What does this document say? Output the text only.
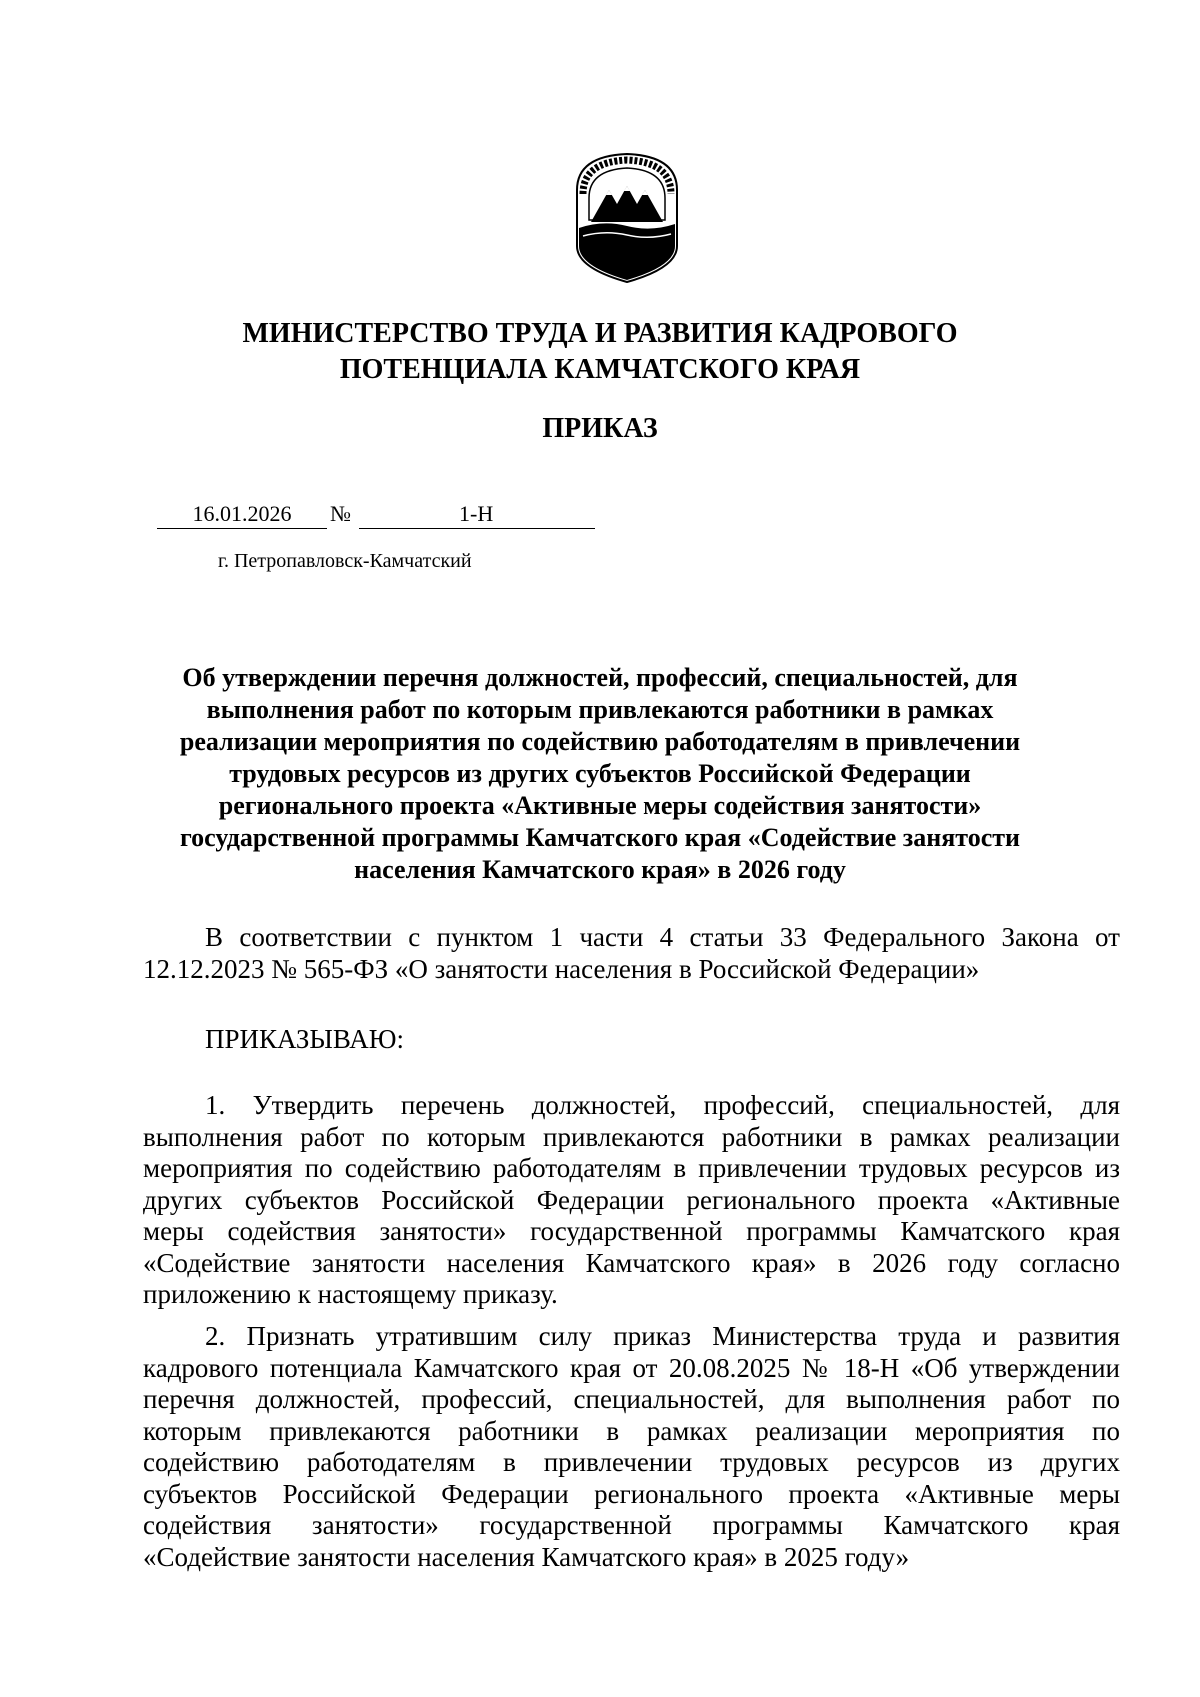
МИНИСТЕРСТВО ТРУДА И РАЗВИТИЯ КАДРОВОГО
ПОТЕНЦИАЛА КАМЧАТСКОГО КРАЯ
ПРИКАЗ
16.01.2026	№	1-Н
г. Петропавловск-Камчатский
Об утверждении перечня должностей, профессий, специальностей, для
выполнения работ по которым привлекаются работники в рамках
реализации мероприятия по содействию работодателям в привлечении
трудовых ресурсов из других субъектов Российской Федерации
регионального проекта «Активные меры содействия занятости»
государственной программы Камчатского края «Содействие занятости
населения Камчатского края» в 2026 году
В соответствии с пунктом 1 части 4 статьи 33 Федерального Закона от
12.12.2023 № 565-ФЗ «О занятости населения в Российской Федерации»
ПРИКАЗЫВАЮ:
1. Утвердить перечень должностей, профессий, специальностей, для
выполнения работ по которым привлекаются работники в рамках реализации
мероприятия по содействию работодателям в привлечении трудовых ресурсов из
других субъектов Российской Федерации регионального проекта «Активные
меры содействия занятости» государственной программы Камчатского края
«Содействие занятости населения Камчатского края» в 2026 году согласно
приложению к настоящему приказу.
2. Признать утратившим силу приказ Министерства труда и развития
кадрового потенциала Камчатского края от 20.08.2025 № 18-Н «Об утверждении
перечня должностей, профессий, специальностей, для выполнения работ по
которым привлекаются работники в рамках реализации мероприятия по
содействию работодателям в привлечении трудовых ресурсов из других
субъектов Российской Федерации регионального проекта «Активные меры
содействия занятости» государственной программы Камчатского края
«Содействие занятости населения Камчатского края» в 2025 году»
